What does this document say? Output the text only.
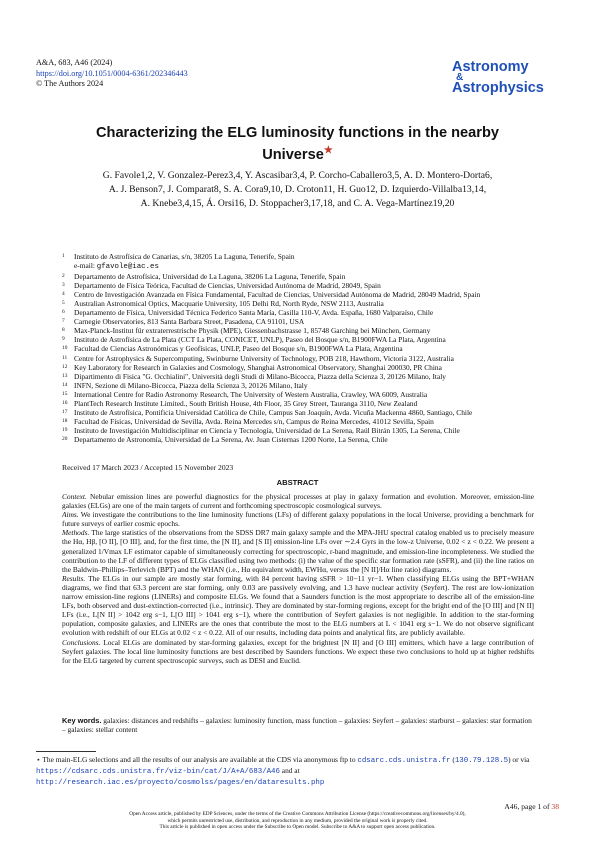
A&A, 683, A46 (2024)
https://doi.org/10.1051/0004-6361/202346443
© The Authors 2024
Astronomy
&
Astrophysics
Characterizing the ELG luminosity functions in the nearby Universe★
G. Favole1,2, V. Gonzalez-Perez3,4, Y. Ascasibar3,4, P. Corcho-Caballero3,5, A. D. Montero-Dorta6,
A. J. Benson7, J. Comparat8, S. A. Cora9,10, D. Croton11, H. Guo12, D. Izquierdo-Villalba13,14,
A. Knebe3,4,15, Á. Orsi16, D. Stoppacher3,17,18, and C. A. Vega-Martínez19,20
1	Instituto de Astrofísica de Canarias, s/n, 38205 La Laguna, Tenerife, Spain
e-mail: gfavole@iac.es
2	Departamento de Astrofísica, Universidad de La Laguna, 38206 La Laguna, Tenerife, Spain
3	Departamento de Física Teórica, Facultad de Ciencias, Universidad Autónoma de Madrid, 28049, Spain
4	Centro de Investigación Avanzada en Física Fundamental, Facultad de Ciencias, Universidad Autónoma de Madrid, 28049 Madrid, Spain
5	Australian Astronomical Optics, Macquarie University, 105 Delhi Rd, North Ryde, NSW 2113, Australia
6	Departamento de Física, Universidad Técnica Federico Santa María, Casilla 110-V, Avda. España, 1680 Valparaíso, Chile
7	Carnegie Observatories, 813 Santa Barbara Street, Pasadena, CA 91101, USA
8	Max-Planck-Institut für extraterrestrische Physik (MPE), Giessenbachstrasse 1, 85748 Garching bei München, Germany
9	Instituto de Astrofísica de La Plata (CCT La Plata, CONICET, UNLP), Paseo del Bosque s/n, B1900FWA La Plata, Argentina
10 Facultad de Ciencias Astronómicas y Geofísicas, UNLP, Paseo del Bosque s/n, B1900FWA La Plata, Argentina
11 Centre for Astrophysics & Supercomputing, Swinburne University of Technology, POB 218, Hawthorn, Victoria 3122, Australia
12 Key Laboratory for Research in Galaxies and Cosmology, Shanghai Astronomical Observatory, Shanghai 200030, PR China
13 Dipartimento di Fisica "G. Occhialini", Università degli Studi di Milano-Bicocca, Piazza della Scienza 3, 20126 Milano, Italy
14 INFN, Sezione di Milano-Bicocca, Piazza della Scienza 3, 20126 Milano, Italy
15 International Centre for Radio Astronomy Research, The University of Western Australia, Crawley, WA 6009, Australia
16 PlantTech Research Institute Limited., South British House, 4th Floor, 35 Grey Street, Tauranga 3110, New Zealand
17 Instituto de Astrofísica, Pontificia Universidad Católica de Chile, Campus San Joaquín, Avda. Vicuña Mackenna 4860, Santiago, Chile
18 Facultad de Físicas, Universidad de Sevilla, Avda. Reina Mercedes s/n, Campus de Reina Mercedes, 41012 Sevilla, Spain
19 Instituto de Investigación Multidisciplinar en Ciencia y Tecnología, Universidad de La Serena, Raúl Bitrán 1305, La Serena, Chile
20 Departamento de Astronomía, Universidad de La Serena, Av. Juan Cisternas 1200 Norte, La Serena, Chile
Received 17 March 2023 / Accepted 15 November 2023
ABSTRACT

Context. Nebular emission lines are powerful diagnostics for the physical processes at play in galaxy formation and evolution. Moreover, emission-line galaxies (ELGs) are one of the main targets of current and forthcoming spectroscopic cosmological surveys.

Aims. We investigate the contributions to the line luminosity functions (LFs) of different galaxy populations in the local Universe, providing a benchmark for future surveys of earlier cosmic epochs.

Methods. The large statistics of the observations from the SDSS DR7 main galaxy sample and the MPA-JHU spectral catalog enabled us to precisely measure the Hα, Hβ, [O II], [O III], and, for the first time, the [N II], and [S II] emission-line LFs over ∼2.4 Gyrs in the low-z Universe, 0.02 < z < 0.22. We present a generalized 1/Vmax LF estimator capable of simultaneously correcting for spectroscopic, r-band magnitude, and emission-line incompleteness. We studied the contribution to the LF of different types of ELGs classified using two methods: (i) the value of the specific star formation rate (sSFR), and (ii) the line ratios on the Baldwin–Phillips–Terlevich (BPT) and the WHAN (i.e., Hα equivalent width, EWHα, versus the [N II]/Hα line ratio) diagrams.

Results. The ELGs in our sample are mostly star forming, with 84 percent having sSFR > 10−11 yr−1. When classifying ELGs using the BPT+WHAN diagrams, we find that 63.3 percent are star forming, only 0.03 are passively evolving, and 1.3 have nuclear activity (Seyfert). The rest are low-ionization narrow emission-line regions (LINERs) and composite ELGs. We found that a Saunders function is the most appropriate to describe all of the emission-line LFs, both observed and dust-extinction-corrected (i.e., intrinsic). They are dominated by star-forming regions, except for the bright end of the [O III] and [N II] LFs (i.e., L[N II] > 1042 erg s−1, L[O III] > 1041 erg s−1), where the contribution of Seyfert galaxies is not negligible. In addition to the star-forming population, composite galaxies, and LINERs are the ones that contribute the most to the ELG numbers at L < 1041 erg s−1. We do not observe significant evolution with redshift of our ELGs at 0.02 < z < 0.22. All of our results, including data points and analytical fits, are publicly available.

Conclusions. Local ELGs are dominated by star-forming galaxies, except for the brightest [N II] and [O III] emitters, which have a large contribution of Seyfert galaxies. The local line luminosity functions are best described by Saunders functions. We expect these two conclusions to hold up at higher redshifts for the ELG targeted by current spectroscopic surveys, such as DESI and Euclid.

Key words. galaxies: distances and redshifts – galaxies: luminosity function, mass function – galaxies: Seyfert – galaxies: starburst – galaxies: star formation – galaxies: stellar content
⋆ The main-ELG selections and all the results of our analysis are available at the CDS via anonymous ftp to cdsarc.cds.unistra.fr (130.79.128.5) or via https://cdsarc.cds.unistra.fr/viz-bin/cat/J/A+A/683/A46 and at http://research.iac.es/proyecto/cosmolss/pages/en/dataresults.php
A46, page 1 of 38
Open Access article, published by EDP Sciences, under the terms of the Creative Commons Attribution License (https://creativecommons.org/licenses/by/4.0),
which permits unrestricted use, distribution, and reproduction in any medium, provided the original work is properly cited.
This article is published in open access under the Subscribe to Open model. Subscribe to A&A to support open access publication.
